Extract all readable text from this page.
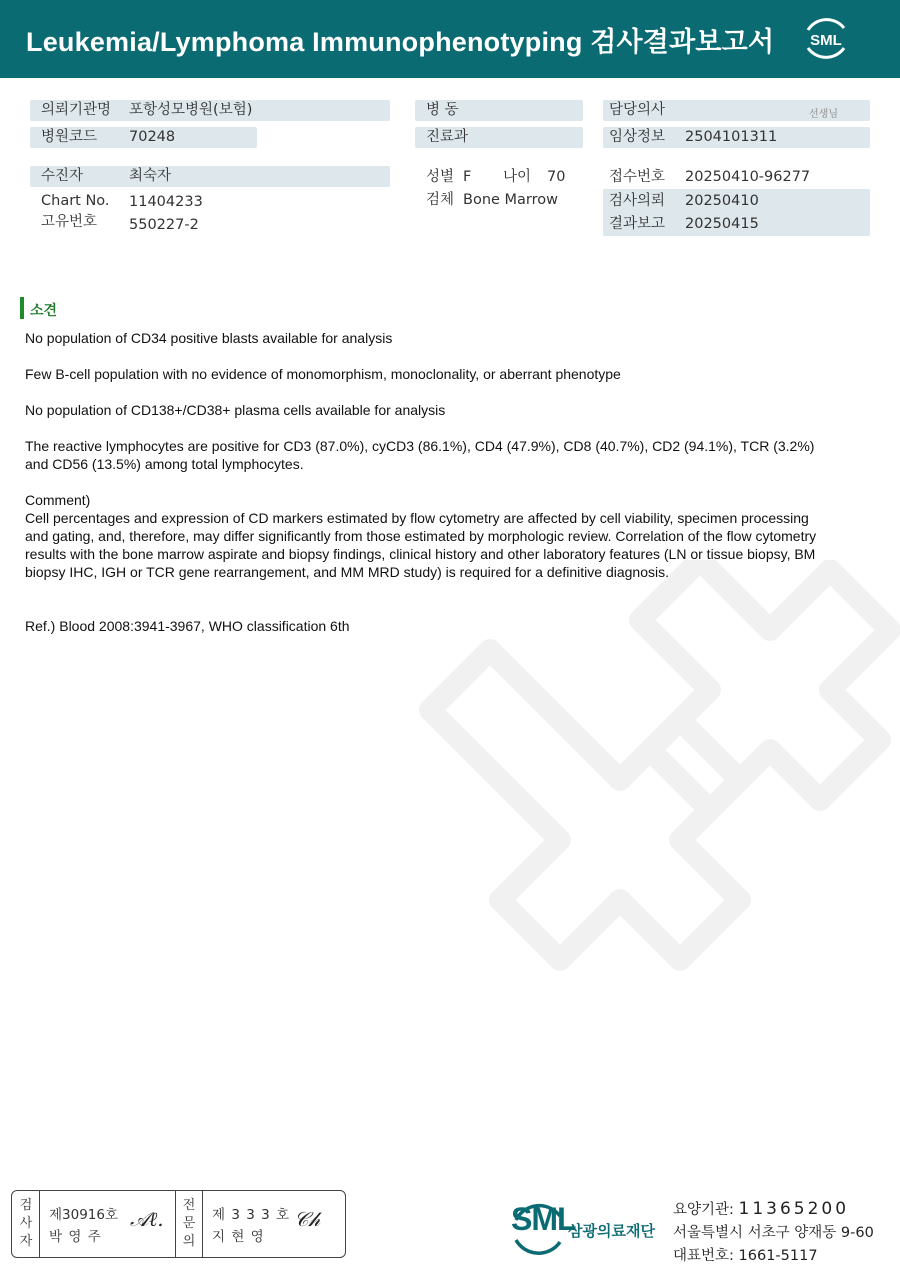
Leukemia/Lymphoma Immunophenotyping 검사결과보고서 SML
의뢰기관명 포항성모병원(보험)
병원코드 70248
병 동
진료과
담당의사	선생님
임상정보 2504101311
수진자	최숙자
Chart No. 11404233
고유번호 550227-2
성별 F 나이 70
검체 Bone Marrow
접수번호 20250410-96277
검사의뢰 20250410
결과보고 20250415
소견
No population of CD34 positive blasts available for analysis
Few B-cell population with no evidence of monomorphism, monoclonality, or aberrant phenotype
No population of CD138+/CD38+ plasma cells available for analysis
The reactive lymphocytes are positive for CD3 (87.0%), cyCD3 (86.1%), CD4 (47.9%), CD8 (40.7%), CD2 (94.1%), TCR (3.2%) and CD56 (13.5%) among total lymphocytes.
Comment)
Cell percentages and expression of CD markers estimated by flow cytometry are affected by cell viability, specimen processing and gating, and, therefore, may differ significantly from those estimated by morphologic review. Correlation of the flow cytometry results with the bone marrow aspirate and biopsy findings, clinical history and other laboratory features (LN or tissue biopsy, BM biopsy IHC, IGH or TCR gene rearrangement, and MM MRD study) is required for a definitive diagnosis.
Ref.) Blood 2008:3941-3967, WHO classification 6th
검
사
자
제30916호
박 영 주
𝒜ℓ.
전
문
의
제 3 3 3 호
지 현 영
𝒞𝒽	SML
삼광의료재단
요양기관: 11365200
서울특별시 서초구 양재동 9-60
대표번호: 1661-5117
